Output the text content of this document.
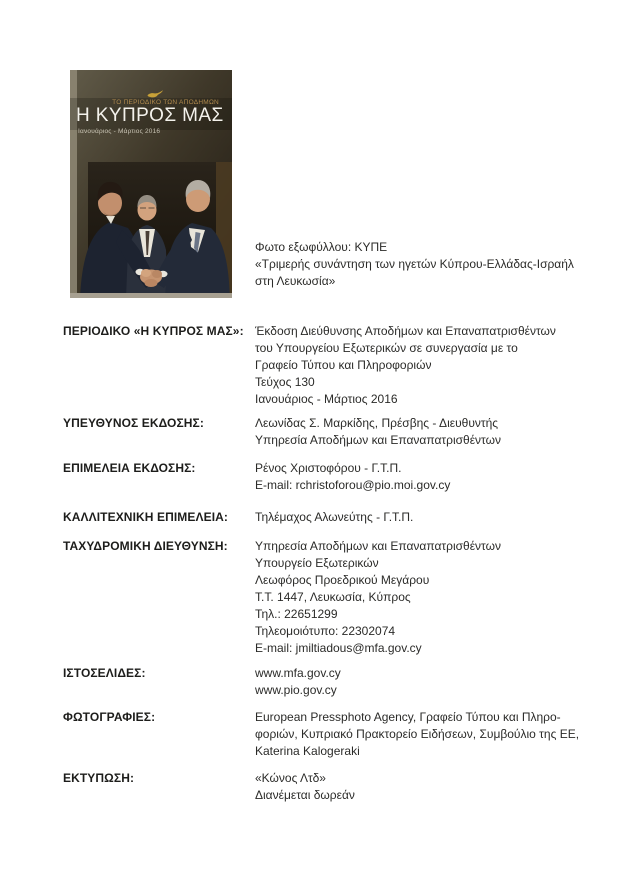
ΤΟ ΠΕΡΙΟΔΙΚΟ ΤΩΝ ΑΠΟΔΗΜΩΝ
Η ΚΥΠΡΟΣ ΜΑΣ
Ιανουάριος - Μάρτιος 2016
Φωτο εξωφύλλου: ΚΥΠΕ
«Τριμερής συνάντηση των ηγετών Κύπρου-Ελλάδας-Ισραήλ
στη Λευκωσία»
ΠΕΡΙΟΔΙΚΟ «Η ΚΥΠΡΟΣ ΜΑΣ»: Έκδοση Διεύθυνσης Αποδήμων και Επαναπατρισθέντων
του Υπουργείου Εξωτερικών σε συνεργασία με το
Γραφείο Τύπου και Πληροφοριών
Τεύχος 130
Ιανουάριος - Μάρτιος 2016
ΥΠΕΥΘΥΝΟΣ ΕΚΔΟΣΗΣ:	Λεωνίδας Σ. Μαρκίδης, Πρέσβης - Διευθυντής
Υπηρεσία Αποδήμων και Επαναπατρισθέντων
ΕΠΙΜΕΛΕΙΑ ΕΚΔΟΣΗΣ:	Ρένος Χριστοφόρου - Γ.Τ.Π.
E-mail: rchristoforou@pio.moi.gov.cy
ΚΑΛΛΙΤΕΧΝΙΚΗ ΕΠΙΜΕΛΕΙΑ:	Τηλέμαχος Αλωνεύτης - Γ.Τ.Π.
ΤΑΧΥΔΡΟΜΙΚΗ ΔΙΕΥΘΥΝΣΗ:	Υπηρεσία Αποδήμων και Επαναπατρισθέντων
Υπουργείο Εξωτερικών
Λεωφόρος Προεδρικού Μεγάρου
Τ.Τ. 1447, Λευκωσία, Κύπρος
Τηλ.: 22651299
Τηλεομοιότυπο: 22302074
E-mail: jmiltiadous@mfa.gov.cy
ΙΣΤΟΣΕΛΙΔΕΣ:	www.mfa.gov.cy
www.pio.gov.cy
ΦΩΤΟΓΡΑΦΙΕΣ:	European Pressphoto Agency, Γραφείο Τύπου και Πληρο-
φοριών, Κυπριακό Πρακτορείο Ειδήσεων, Συμβούλιο της ΕΕ,
Katerina Kalogeraki
ΕΚΤΥΠΩΣΗ:	«Κώνος Λτδ»
Διανέμεται δωρεάν
